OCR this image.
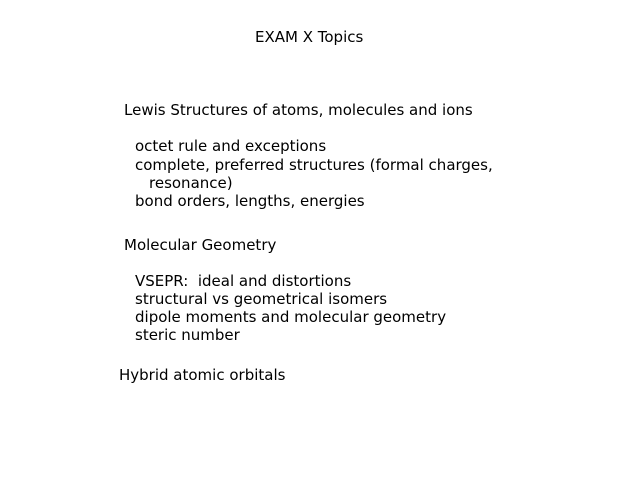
EXAM X Topics

Lewis Structures of atoms, molecules and ions

octet rule and exceptions

complete, preferred structures (formal charges,

resonance)

bond orders, lengths, energies

Molecular Geometry

VSEPR:  ideal and distortions

structural vs geometrical isomers

dipole moments and molecular geometry

steric number

Hybrid atomic orbitals
